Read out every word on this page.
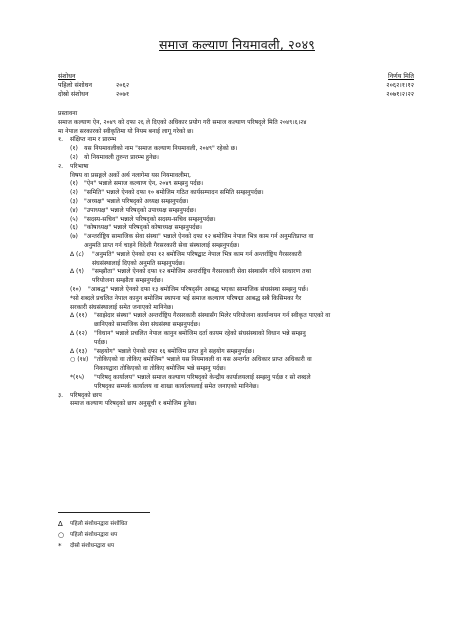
समाज कल्याण नियमावली, २०४९
संशोधन	निर्णय मिति
पहिलो संशोधन	२०६२	२०६२।१।१२
दोस्रो संशोधन	२०७१	२०७१।२।२२

प्रस्तावना

समाज कल्याण ऐन, २०४९ को दफा २६ ले दिएको अधिकार प्रयोग गरी समाज कल्याण परिषद्ले मिति २०४९।६।२४

मा नेपाल सरकारको स्वीकृतिमा यो नियम बनाई लागू गरेको छ।

१.	संक्षिप्त नाम र प्रारम्भ
(१) यस नियमावलीको नाम "समाज कल्याण नियमावली, २०४९" रहेको छ।
(२) यो नियमावली तुरुन्त प्रारम्भ हुनेछ।
२.	परिभाषा

विषय वा प्रसङ्गले अर्को अर्थ नलागेमा यस नियमावलीमा,

(१) "ऐन" भन्नाले समाज कल्याण ऐन, २०४९ सम्झनु पर्दछ।
(२) "समिति" भन्नाले ऐनको दफा १० बमोजिम गठित कार्यसम्पादन समिति सम्झनुपर्दछ।
(३) "अध्यक्ष" भन्नाले परिषद्को अध्यक्ष सम्झनुपर्दछ।
(४) "उपाध्यक्ष" भन्नाले परिषद्को उपाध्यक्ष सम्झनुपर्दछ।
(५) "सदस्य-सचिव" भन्नाले परिषद्को सदस्य-सचिव सम्झनुपर्दछ।
(६) "कोषाध्यक्ष" भन्नाले परिषद्को कोषाध्यक्ष सम्झनुपर्दछ।
(७) "अन्तर्राष्ट्रिय सामाजिक सेवा संस्था" भन्नाले ऐनको दफा १२ बमोजिम नेपाल भित्र काम गर्न अनुमतिप्राप्त वा
अनुमति प्राप्त गर्न चाहने विदेशी गैरसरकारी सेवा संस्थालाई सम्झनुपर्दछ।
∆ (८)	"अनुमति" भन्नाले ऐनको दफा १२ बमोजिम परिषद्बाट नेपाल भित्र काम गर्न अन्तर्राष्ट्रिय गैरसरकारी
संघसंस्थालाई दिएको अनुमति सम्झनुपर्दछ।
∆ (९)	"सम्झौता" भन्नाले ऐनको दफा १२ बमोजिम अन्तर्राष्ट्रिय गैरसरकारी सेवा संस्थासँग गरिने साधारण तथा
परियोजना सम्झौता सम्झनुपर्दछ।
(१०)	"आबद्ध" भन्नाले ऐनको दफा १३ बमोजिम परिषद्सँग आबद्ध भएका सामाजिक संघसंस्था सम्झनु पर्छ।

*सो शब्दले प्रचलित नेपाल कानुन बमोजिम स्थापना भई समाज कल्याण परिषद्मा आबद्ध सबै किसिमका गैर

सरकारी संघसंस्थालाई समेत जनाएको मानिनेछ।

∆ (११)	"साझेदार संस्था" भन्नाले अन्तर्राष्ट्रिय गैरसरकारी संस्थासँग मिलेर परियोजना कार्यान्वयन गर्न स्वीकृत पाएको वा
छानिएको सामाजिक सेवा संघसंस्था सम्झनुपर्दछ।
∆ (१२)	"विधान" भन्नाले प्रचलित नेपाल कानुन बमोजिम दर्ता कायम रहेको संघसंस्थाको विधान भन्ने सम्झनु
पर्दछ।
∆ (१३)	"सहयोग" भन्नाले ऐनको दफा १६ बमोजिम प्राप्त हुने सहयोग सम्झनुपर्दछ।
○ (१४) "तोकिएको वा तोकिए बमोजिम" भन्नाले यस नियमावली वा यस अन्तर्गत अधिकार प्राप्त अधिकारी वा
निकायद्वारा तोकिएको वा तोकिए बमोजिम भन्ने सम्झनु पर्दछ।
*(१५)	"परिषद् कार्यालय" भन्नाले समाज कल्याण परिषद्को केन्द्रीय कार्यालयलाई सम्झनु पर्दछ र सो शब्दले
परिषद्का सम्पर्क कार्यालय वा शाखा कार्यालयलाई समेत जनाएको मानिनेछ।
३.	परिषद्को छाप

समाज कल्याण परिषद्को छाप अनुसूची १ बमोजिम हुनेछ।

∆	पहिलो संशोधनद्वारा संशोधित
○	पहिलो संशोधनद्वारा थप
*	दोस्रो संशोधनद्वारा थप
